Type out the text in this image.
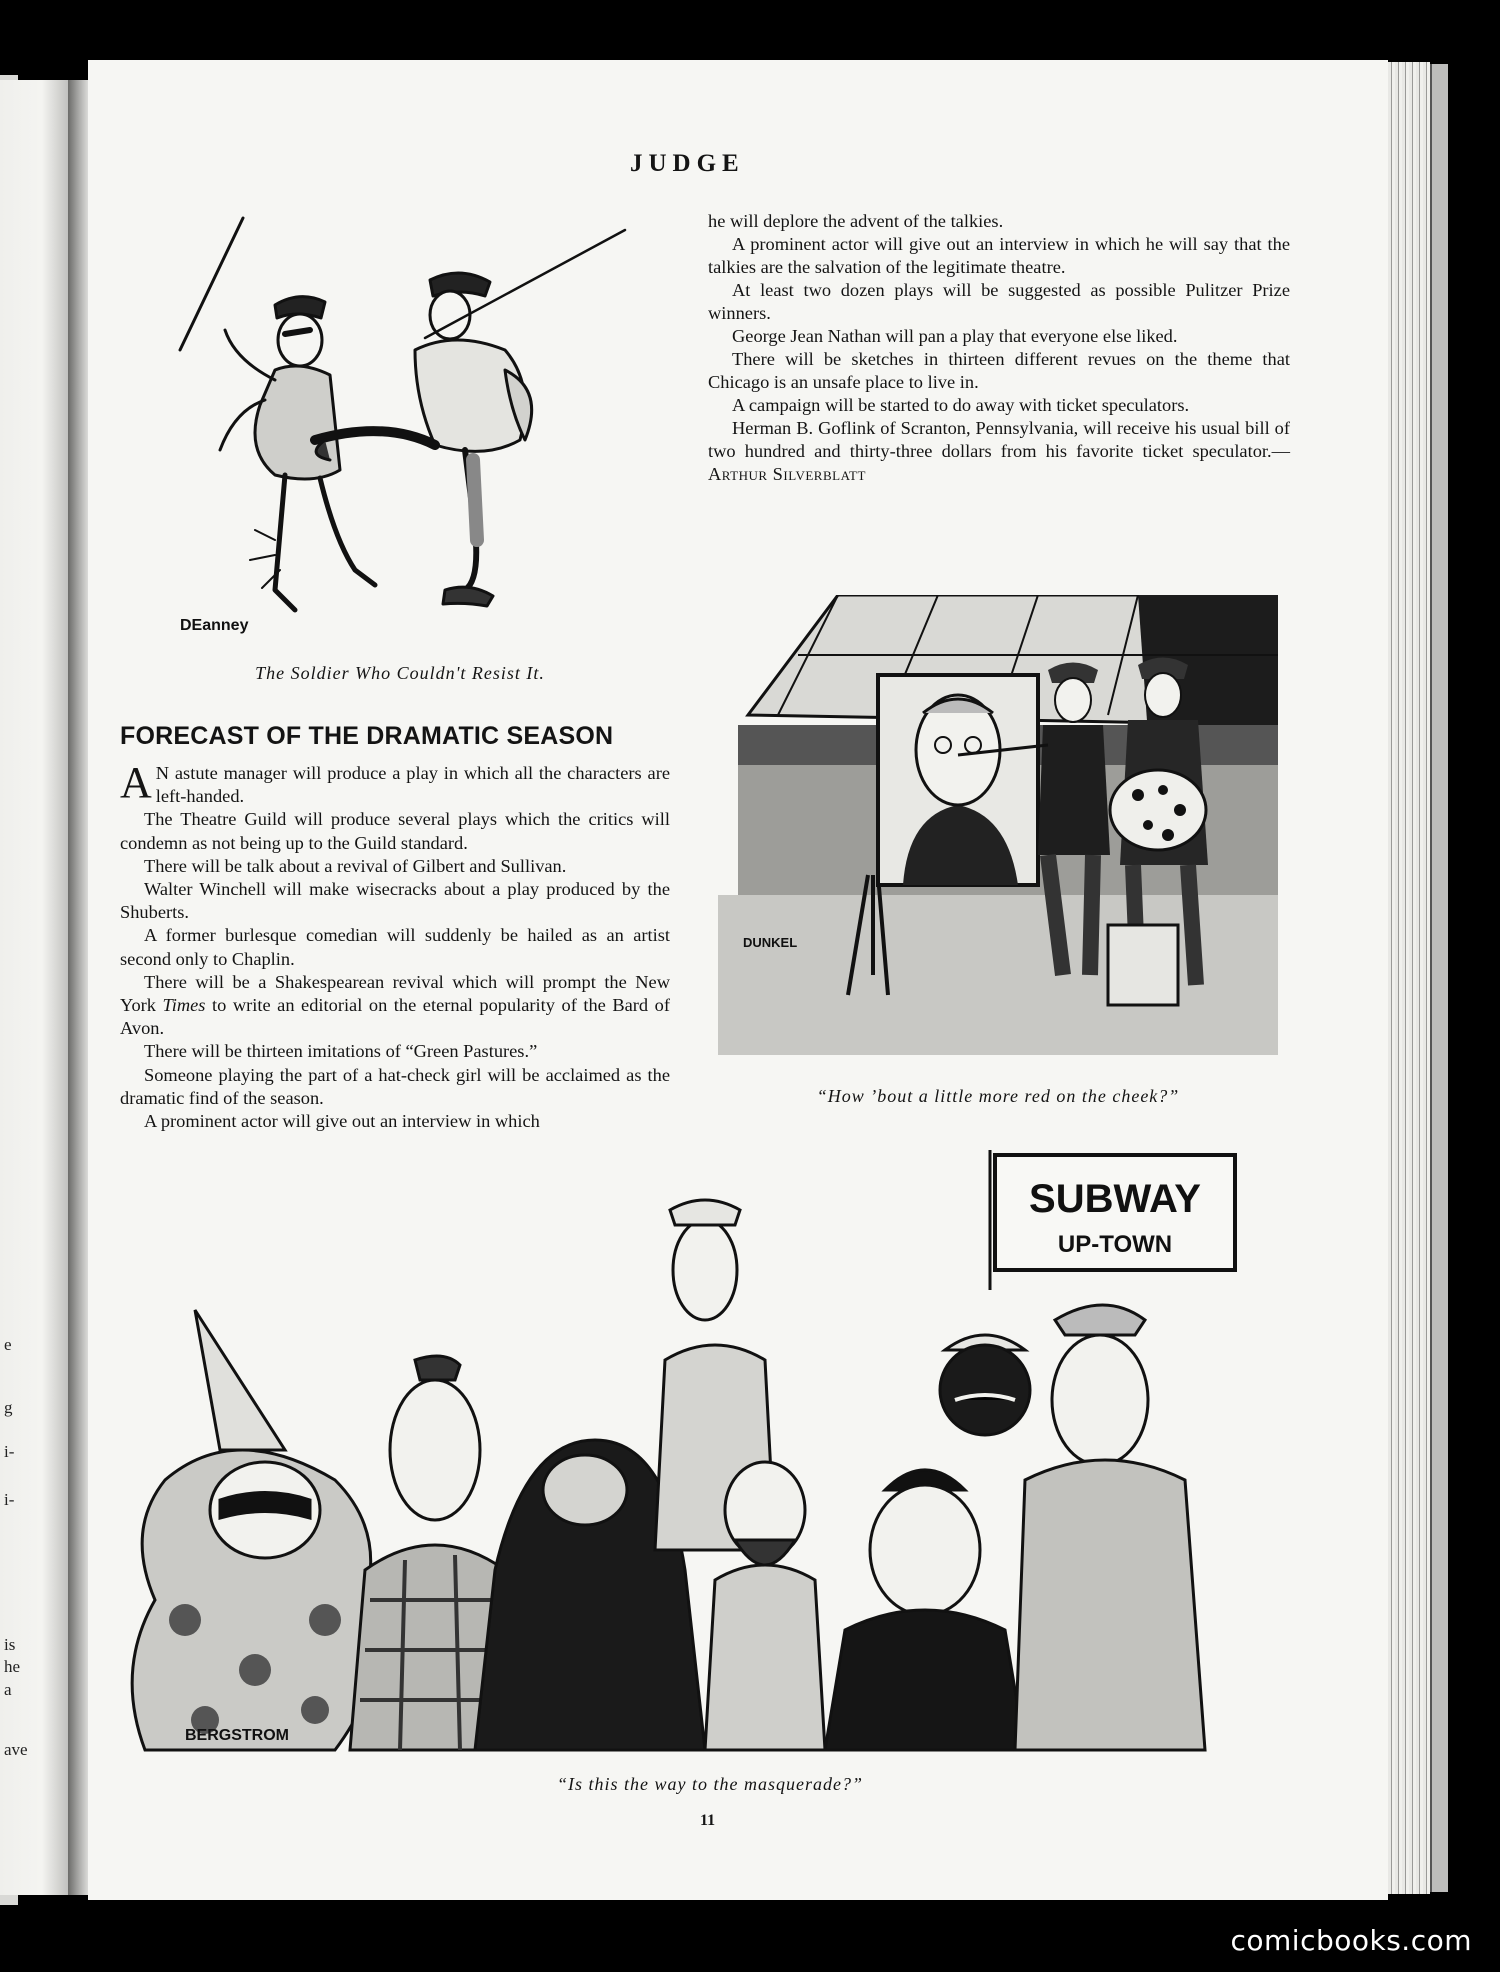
e
g
i-
i-
is
he
a
ave
JUDGE

he will deplore the advent of the talkies.

A prominent actor will give out an interview in which he will say that the talkies are the salvation of the legitimate theatre.

At least two dozen plays will be suggested as possible Pulitzer Prize winners.

George Jean Nathan will pan a play that everyone else liked.

There will be sketches in thirteen different revues on the theme that Chicago is an unsafe place to live in.

A campaign will be started to do away with ticket speculators.

Herman B. Goflink of Scranton, Pennsylvania, will receive his usual bill of two hundred and thirty-three dollars from his favorite ticket speculator.—Arthur Silverblatt

DEanney
The Soldier Who Couldn't Resist It.
FORECAST OF THE DRAMATIC SEASON

A N astute manager will produce a play in which all the characters are left-handed.

The Theatre Guild will produce several plays which the critics will condemn as not being up to the Guild standard.

There will be talk about a revival of Gilbert and Sullivan.

Walter Winchell will make wisecracks about a play produced by the Shuberts.

A former burlesque comedian will suddenly be hailed as an artist second only to Chaplin.

There will be a Shakespearean revival which will prompt the New York Times to write an editorial on the eternal popularity of the Bard of Avon.

There will be thirteen imitations of “Green Pastures.”

Someone playing the part of a hat-check girl will be acclaimed as the dramatic find of the season.

A prominent actor will give out an interview in which

DUNKEL
“How ’bout a little more red on the cheek?”
SUBWAY
UP-TOWN
BERGSTROM
“Is this the way to the masquerade?”
11
comicbooks.com
